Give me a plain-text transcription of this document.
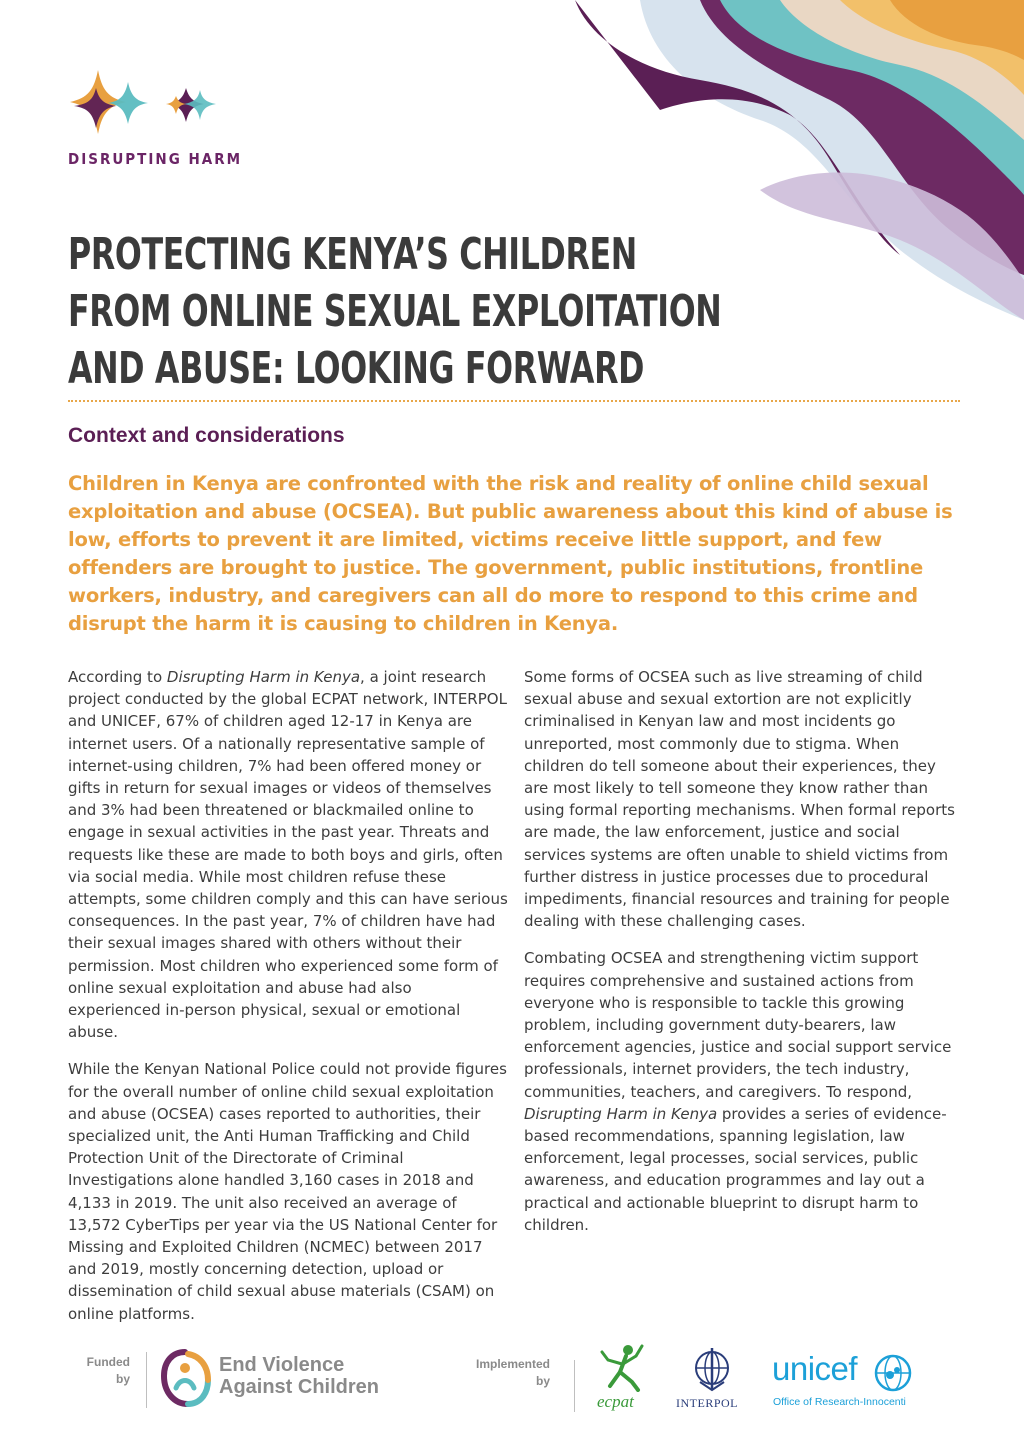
DISRUPTING HARM
PROTECTING KENYA’S CHILDREN
FROM ONLINE SEXUAL EXPLOITATION
AND ABUSE: LOOKING FORWARD
Context and considerations

Children in Kenya are confronted with the risk and reality of online child sexual exploitation and abuse (OCSEA). But public awareness about this kind of abuse is low, efforts to prevent it are limited, victims receive little support, and few offenders are brought to justice. The government, public institutions, frontline workers, industry, and caregivers can all do more to respond to this crime and disrupt the harm it is causing to children in Kenya.

According to Disrupting Harm in Kenya, a joint research project conducted by the global ECPAT network, INTERPOL and UNICEF, 67% of children aged 12-17 in Kenya are internet users. Of a nationally representative sample of internet-using children, 7% had been offered money or gifts in return for sexual images or videos of themselves and 3% had been threatened or blackmailed online to engage in sexual activities in the past year. Threats and requests like these are made to both boys and girls, often via social media. While most children refuse these attempts, some children comply and this can have serious consequences. In the past year, 7% of children have had their sexual images shared with others without their permission. Most children who experienced some form of online sexual exploitation and abuse had also experienced in-person physical, sexual or emotional abuse.

While the Kenyan National Police could not provide figures for the overall number of online child sexual exploitation and abuse (OCSEA) cases reported to authorities, their specialized unit, the Anti Human Trafficking and Child Protection Unit of the Directorate of Criminal Investigations alone handled 3,160 cases in 2018 and 4,133 in 2019. The unit also received an average of 13,572 CyberTips per year via the US National Center for Missing and Exploited Children (NCMEC) between 2017 and 2019, mostly concerning detection, upload or dissemination of child sexual abuse materials (CSAM) on online platforms.

Some forms of OCSEA such as live streaming of child sexual abuse and sexual extortion are not explicitly criminalised in Kenyan law and most incidents go unreported, most commonly due to stigma. When children do tell someone about their experiences, they are most likely to tell someone they know rather than using formal reporting mechanisms. When formal reports are made, the law enforcement, justice and social services systems are often unable to shield victims from further distress in justice processes due to procedural impediments, financial resources and training for people dealing with these challenging cases.

Combating OCSEA and strengthening victim support requires comprehensive and sustained actions from everyone who is responsible to tackle this growing problem, including government duty-bearers, law enforcement agencies, justice and social support service professionals, internet providers, the tech industry, communities, teachers, and caregivers. To respond, Disrupting Harm in Kenya provides a series of evidence-based recommendations, spanning legislation, law enforcement, legal processes, social services, public awareness, and education programmes and lay out a practical and actionable blueprint to disrupt harm to children.

Funded
by
End Violence
Against Children
Implemented
by
ecpat	INTERPOL
unicef
Office of Research-Innocenti
